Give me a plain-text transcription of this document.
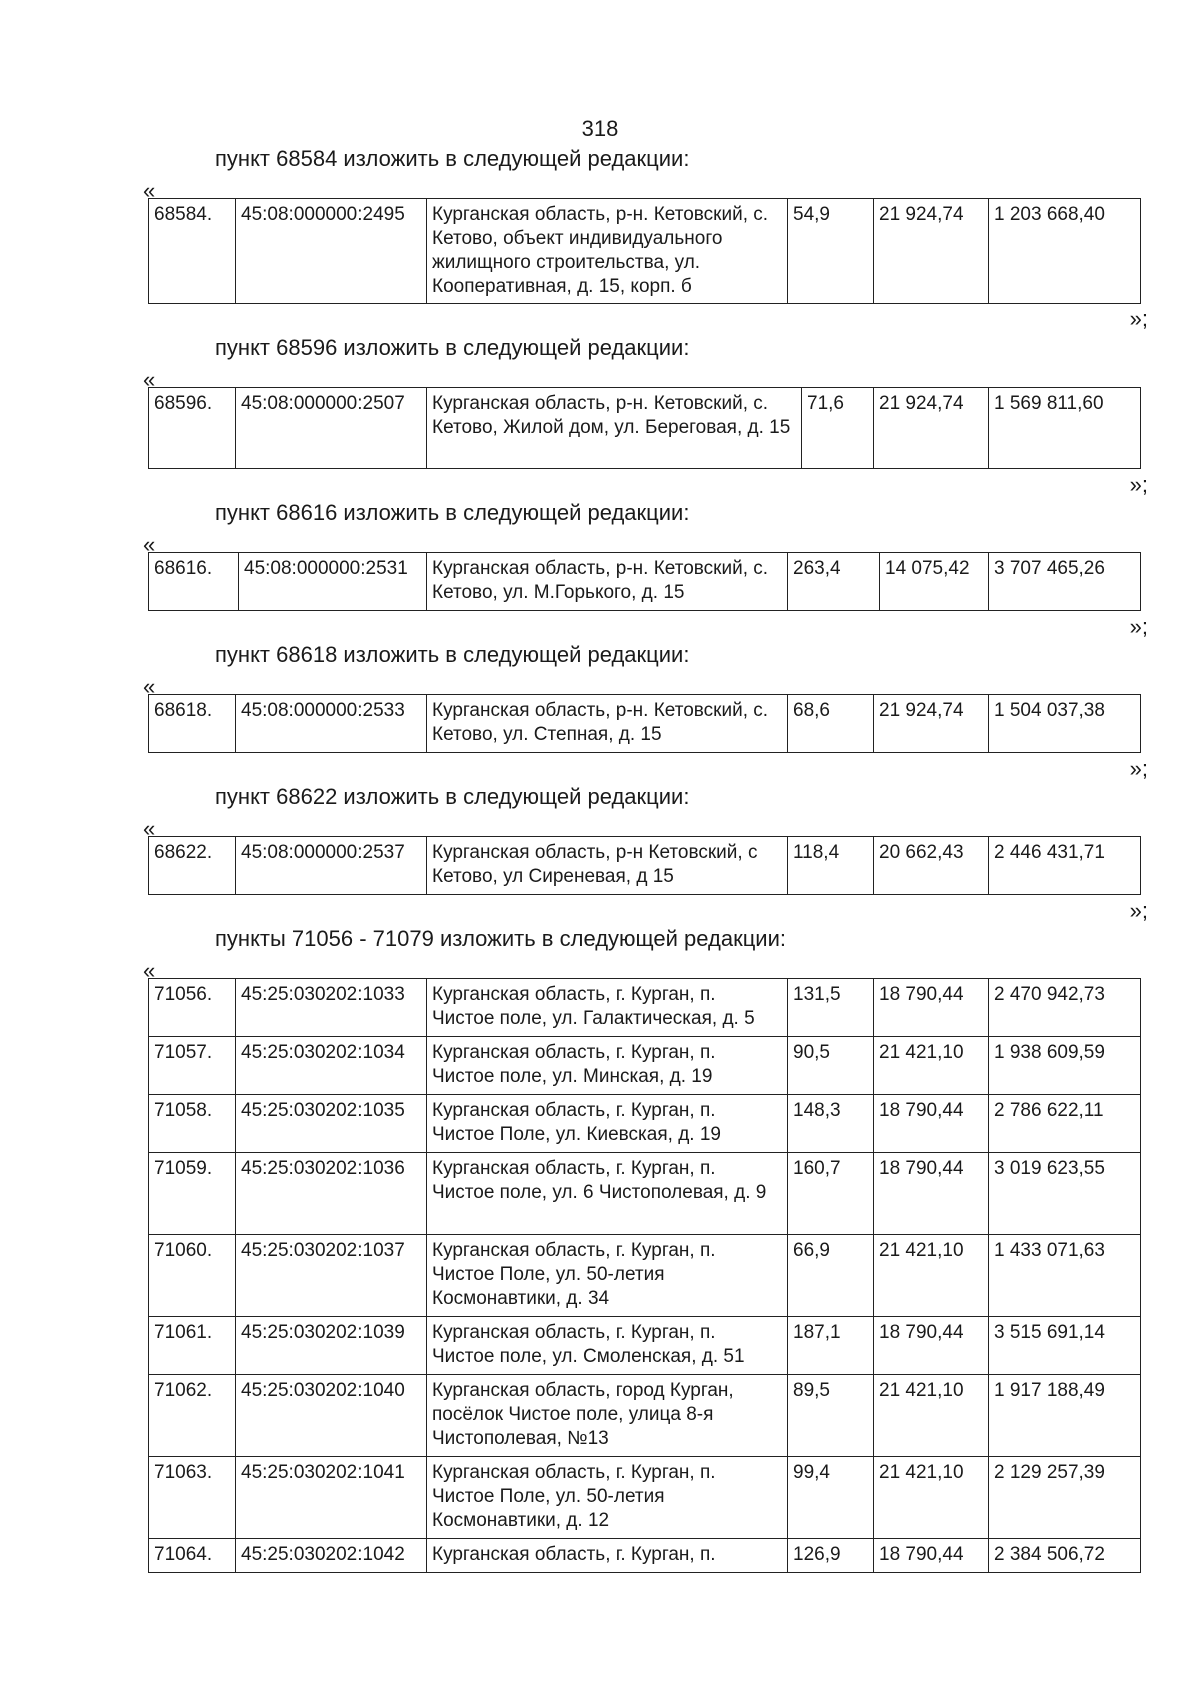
318
пункт 68584 изложить в следующей редакции:
«
68584.	45:08:000000:2495	Курганская область, р-н. Кетовский, с. Кетово, объект индивидуального жилищного строительства, ул. Кооперативная, д. 15, корп. б	54,9	21 924,74	1 203 668,40
»;
пункт 68596 изложить в следующей редакции:
«
68596.	45:08:000000:2507	Курганская область, р-н. Кетовский, с. Кетово, Жилой дом, ул. Береговая, д. 15	71,6	21 924,74	1 569 811,60
»;
пункт 68616 изложить в следующей редакции:
«
68616.	45:08:000000:2531	Курганская область, р-н. Кетовский, с. Кетово, ул. М.Горького, д. 15	263,4	14 075,42	3 707 465,26
»;
пункт 68618 изложить в следующей редакции:
«
68618.	45:08:000000:2533	Курганская область, р-н. Кетовский, с. Кетово, ул. Степная, д. 15	68,6	21 924,74	1 504 037,38
»;
пункт 68622 изложить в следующей редакции:
«
68622.	45:08:000000:2537	Курганская область, р-н Кетовский, с Кетово, ул Сиреневая, д 15	118,4	20 662,43	2 446 431,71
»;
пункты 71056 - 71079 изложить в следующей редакции:
«
71056.	45:25:030202:1033	Курганская область, г. Курган, п. Чистое поле, ул. Галактическая, д. 5	131,5	18 790,44	2 470 942,73
71057.	45:25:030202:1034	Курганская область, г. Курган, п. Чистое поле, ул. Минская, д. 19	90,5	21 421,10	1 938 609,59
71058.	45:25:030202:1035	Курганская область, г. Курган, п. Чистое Поле, ул. Киевская, д. 19	148,3	18 790,44	2 786 622,11
71059.	45:25:030202:1036	Курганская область, г. Курган, п. Чистое поле, ул. 6 Чистополевая, д. 9	160,7	18 790,44	3 019 623,55
71060.	45:25:030202:1037	Курганская область, г. Курган, п. Чистое Поле, ул. 50-летия Космонавтики, д. 34	66,9	21 421,10	1 433 071,63
71061.	45:25:030202:1039	Курганская область, г. Курган, п. Чистое поле, ул. Смоленская, д. 51	187,1	18 790,44	3 515 691,14
71062.	45:25:030202:1040	Курганская область, город Курган, посёлок Чистое поле, улица 8-я Чистополевая, №13	89,5	21 421,10	1 917 188,49
71063.	45:25:030202:1041	Курганская область, г. Курган, п. Чистое Поле, ул. 50-летия Космонавтики, д. 12	99,4	21 421,10	2 129 257,39
71064.	45:25:030202:1042	Курганская область, г. Курган, п.	126,9	18 790,44	2 384 506,72
